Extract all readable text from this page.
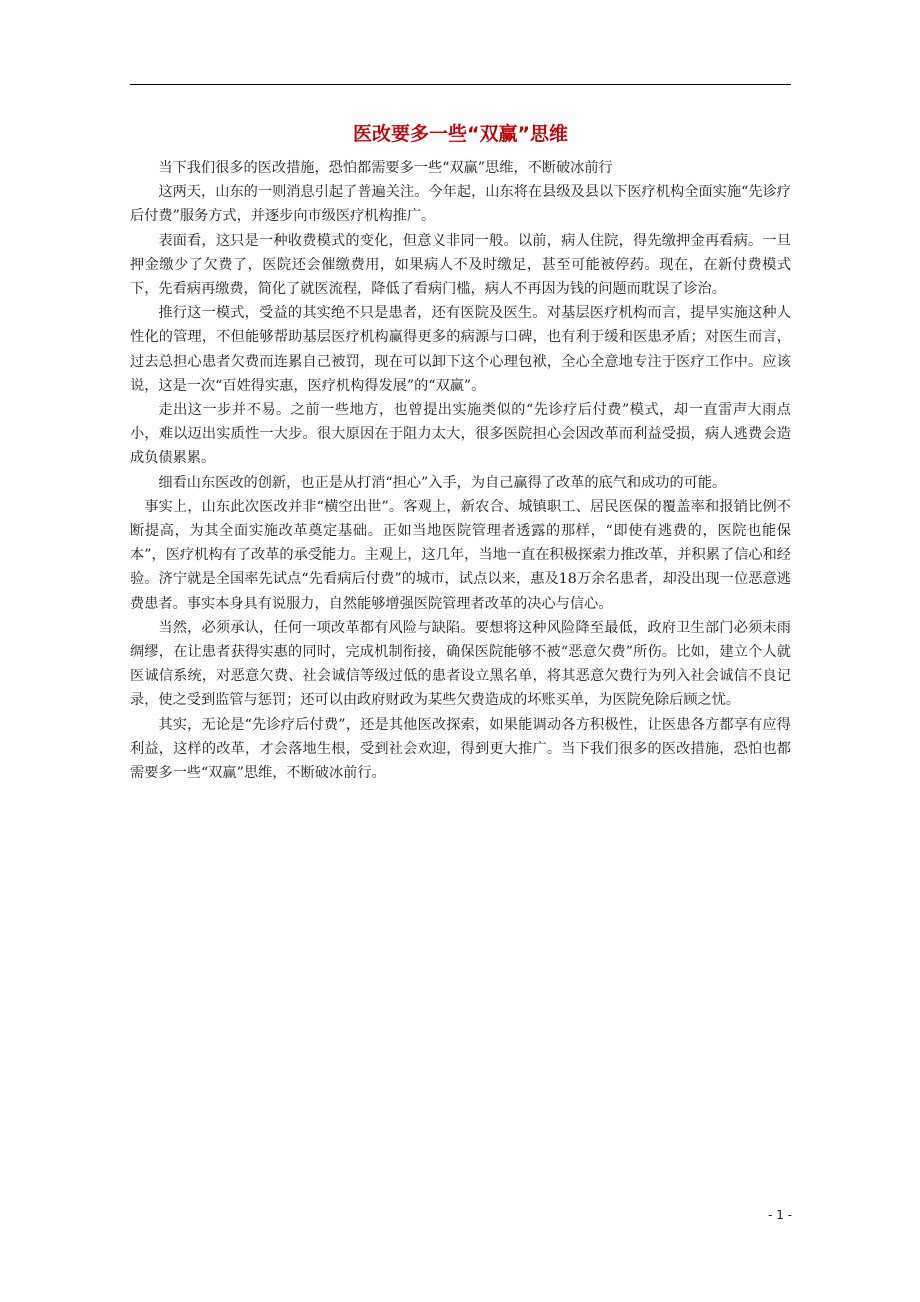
医改要多一些“双赢”思维

当下我们很多的医改措施，恐怕都需要多一些“双赢”思维，不断破冰前行

这两天，山东的一则消息引起了普遍关注。今年起，山东将在县级及县以下医疗机构全面实施“先诊疗后付费”服务方式，并逐步向市级医疗机构推广。

表面看，这只是一种收费模式的变化，但意义非同一般。以前，病人住院，得先缴押金再看病。一旦押金缴少了欠费了，医院还会催缴费用，如果病人不及时缴足，甚至可能被停药。现在，在新付费模式下，先看病再缴费，简化了就医流程，降低了看病门槛，病人不再因为钱的问题而耽误了诊治。

推行这一模式，受益的其实绝不只是患者，还有医院及医生。对基层医疗机构而言，提早实施这种人性化的管理，不但能够帮助基层医疗机构赢得更多的病源与口碑，也有利于缓和医患矛盾；对医生而言，过去总担心患者欠费而连累自己被罚，现在可以卸下这个心理包袱，全心全意地专注于医疗工作中。应该说，这是一次“百姓得实惠，医疗机构得发展”的“双赢”。

走出这一步并不易。之前一些地方，也曾提出实施类似的“先诊疗后付费”模式，却一直雷声大雨点小，难以迈出实质性一大步。很大原因在于阻力太大，很多医院担心会因改革而利益受损，病人逃费会造成负债累累。

细看山东医改的创新，也正是从打消“担心”入手，为自己赢得了改革的底气和成功的可能。

事实上，山东此次医改并非“横空出世”。客观上，新农合、城镇职工、居民医保的覆盖率和报销比例不断提高，为其全面实施改革奠定基础。正如当地医院管理者透露的那样，“即使有逃费的，医院也能保本”，医疗机构有了改革的承受能力。主观上，这几年，当地一直在积极探索力推改革，并积累了信心和经验。济宁就是全国率先试点“先看病后付费”的城市，试点以来，惠及18万余名患者，却没出现一位恶意逃费患者。事实本身具有说服力，自然能够增强医院管理者改革的决心与信心。

当然，必须承认，任何一项改革都有风险与缺陷。要想将这种风险降至最低，政府卫生部门必须未雨绸缪，在让患者获得实惠的同时，完成机制衔接，确保医院能够不被“恶意欠费”所伤。比如，建立个人就医诚信系统，对恶意欠费、社会诚信等级过低的患者设立黑名单，将其恶意欠费行为列入社会诚信不良记录，使之受到监管与惩罚；还可以由政府财政为某些欠费造成的坏账买单，为医院免除后顾之忧。

其实，无论是“先诊疗后付费”，还是其他医改探索，如果能调动各方积极性，让医患各方都享有应得利益，这样的改革，才会落地生根，受到社会欢迎，得到更大推广。当下我们很多的医改措施，恐怕也都需要多一些“双赢”思维，不断破冰前行。

- 1 -
